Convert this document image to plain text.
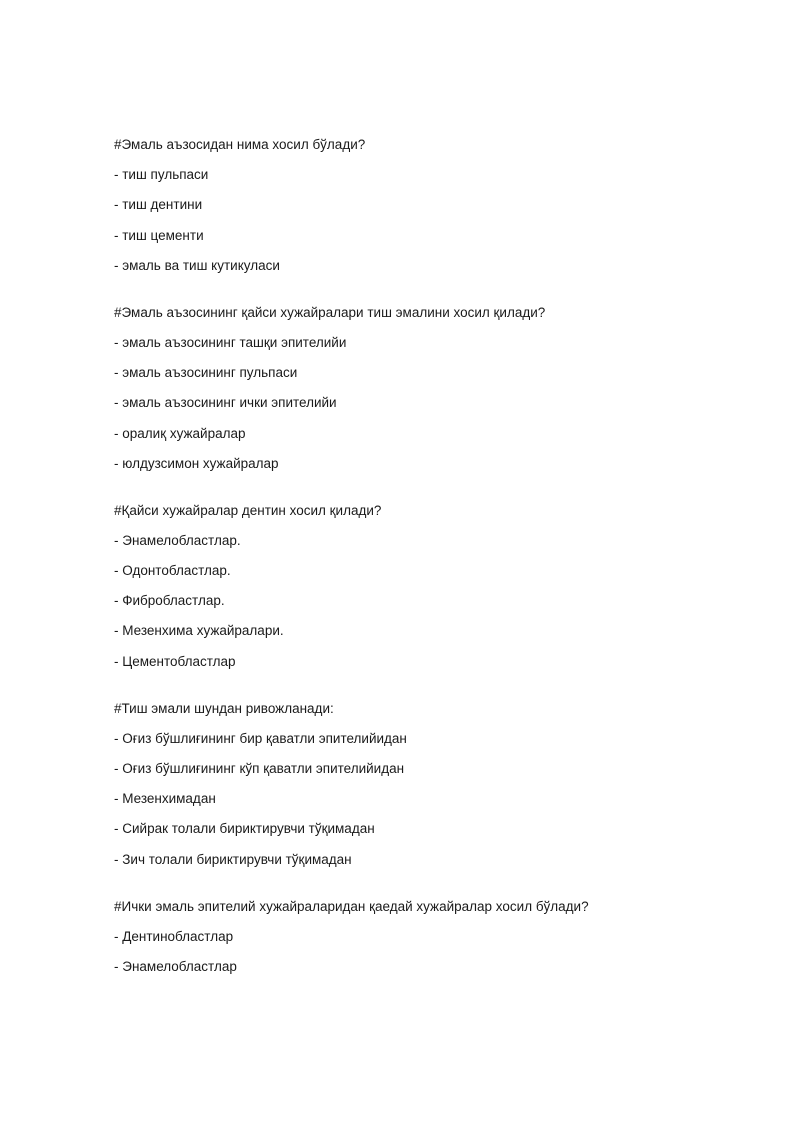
#Эмаль аъзосидан нима хосил бўлади?
- тиш пульпаси
- тиш дентини
- тиш цементи
- эмаль ва тиш кутикуласи
#Эмаль аъзосининг қайси хужайралари тиш эмалини хосил қилади?
- эмаль аъзосининг ташқи эпителийи
- эмаль аъзосининг пульпаси
- эмаль аъзосининг ички эпителийи
- оралиқ хужайралар
- юлдузсимон хужайралар
#Қайси хужайралар дентин хосил қилади?
- Энамелобластлар.
- Одонтобластлар.
- Фибробластлар.
- Мезенхима хужайралари.
- Цементобластлар
#Тиш эмали шундан ривожланади:
- Оғиз бўшлиғининг бир қаватли эпителийидан
- Оғиз бўшлиғининг кўп қаватли эпителийидан
- Мезенхимадан
- Сийрак толали бириктирувчи тўқимадан
- Зич толали бириктирувчи тўқимадан
#Ички эмаль эпителий хужайраларидан қаедай хужайралар хосил бўлади?
- Дентинобластлар
- Энамелобластлар
